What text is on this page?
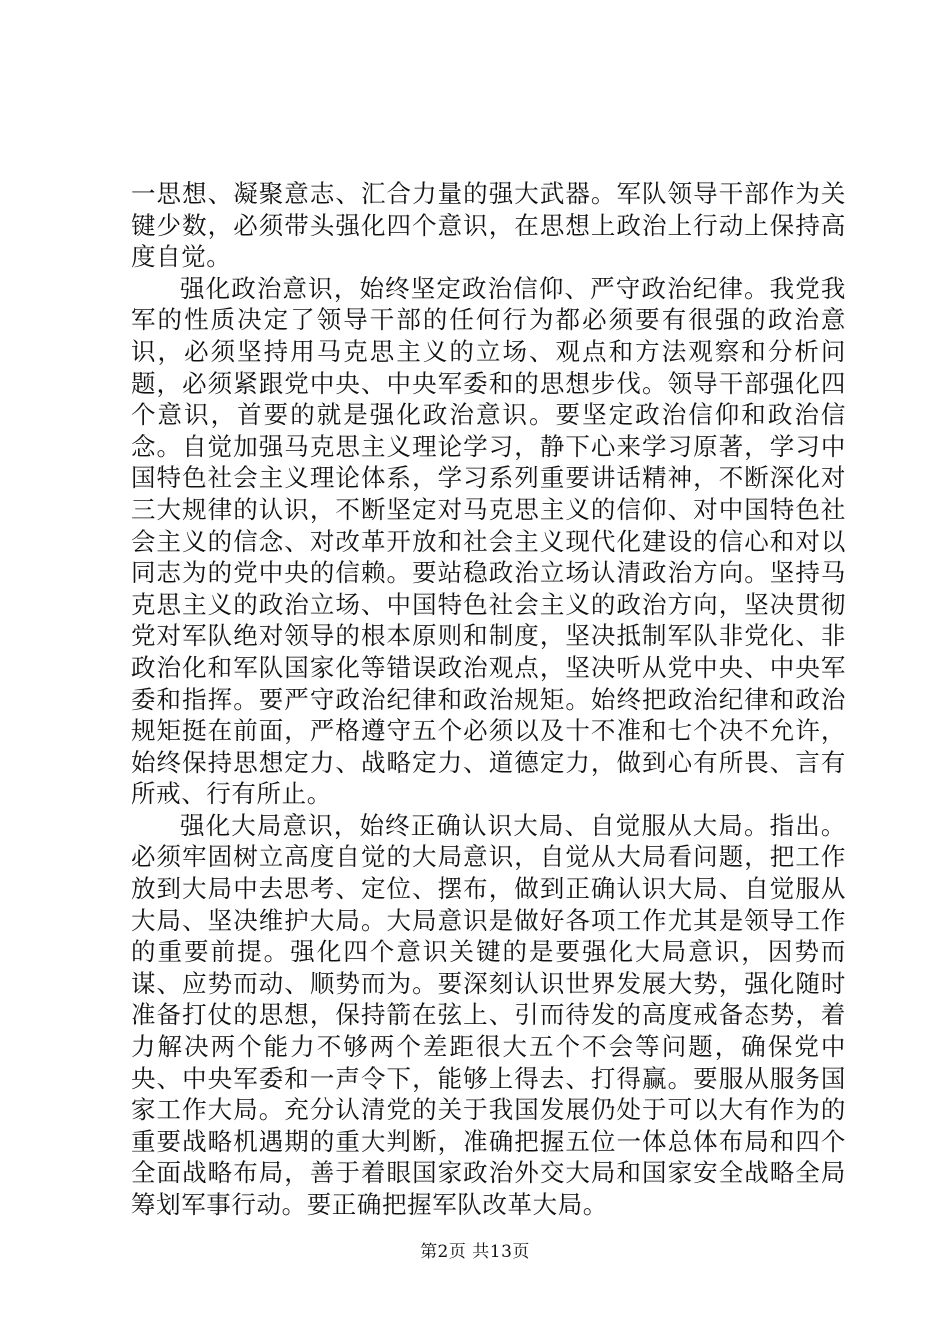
一思想、凝聚意志、汇合力量的强大武器。军队领导干部作为关键少数，必须带头强化四个意识，在思想上政治上行动上保持高度自觉。

强化政治意识，始终坚定政治信仰、严守政治纪律。我党我军的性质决定了领导干部的任何行为都必须要有很强的政治意识，必须坚持用马克思主义的立场、观点和方法观察和分析问题，必须紧跟党中央、中央军委和的思想步伐。领导干部强化四个意识，首要的就是强化政治意识。要坚定政治信仰和政治信念。自觉加强马克思主义理论学习，静下心来学习原著，学习中国特色社会主义理论体系，学习系列重要讲话精神，不断深化对三大规律的认识，不断坚定对马克思主义的信仰、对中国特色社会主义的信念、对改革开放和社会主义现代化建设的信心和对以同志为的党中央的信赖。要站稳政治立场认清政治方向。坚持马克思主义的政治立场、中国特色社会主义的政治方向，坚决贯彻党对军队绝对领导的根本原则和制度，坚决抵制军队非党化、非政治化和军队国家化等错误政治观点，坚决听从党中央、中央军委和指挥。要严守政治纪律和政治规矩。始终把政治纪律和政治规矩挺在前面，严格遵守五个必须以及十不准和七个决不允许，始终保持思想定力、战略定力、道德定力，做到心有所畏、言有所戒、行有所止。

强化大局意识，始终正确认识大局、自觉服从大局。指出。必须牢固树立高度自觉的大局意识，自觉从大局看问题，把工作放到大局中去思考、定位、摆布，做到正确认识大局、自觉服从大局、坚决维护大局。大局意识是做好各项工作尤其是领导工作的重要前提。强化四个意识关键的是要强化大局意识，因势而谋、应势而动、顺势而为。要深刻认识世界发展大势，强化随时准备打仗的思想，保持箭在弦上、引而待发的高度戒备态势，着力解决两个能力不够两个差距很大五个不会等问题，确保党中央、中央军委和一声令下，能够上得去、打得赢。要服从服务国家工作大局。充分认清党的关于我国发展仍处于可以大有作为的重要战略机遇期的重大判断，准确把握五位一体总体布局和四个全面战略布局，善于着眼国家政治外交大局和国家安全战略全局筹划军事行动。要正确把握军队改革大局。

第2页 共13页
